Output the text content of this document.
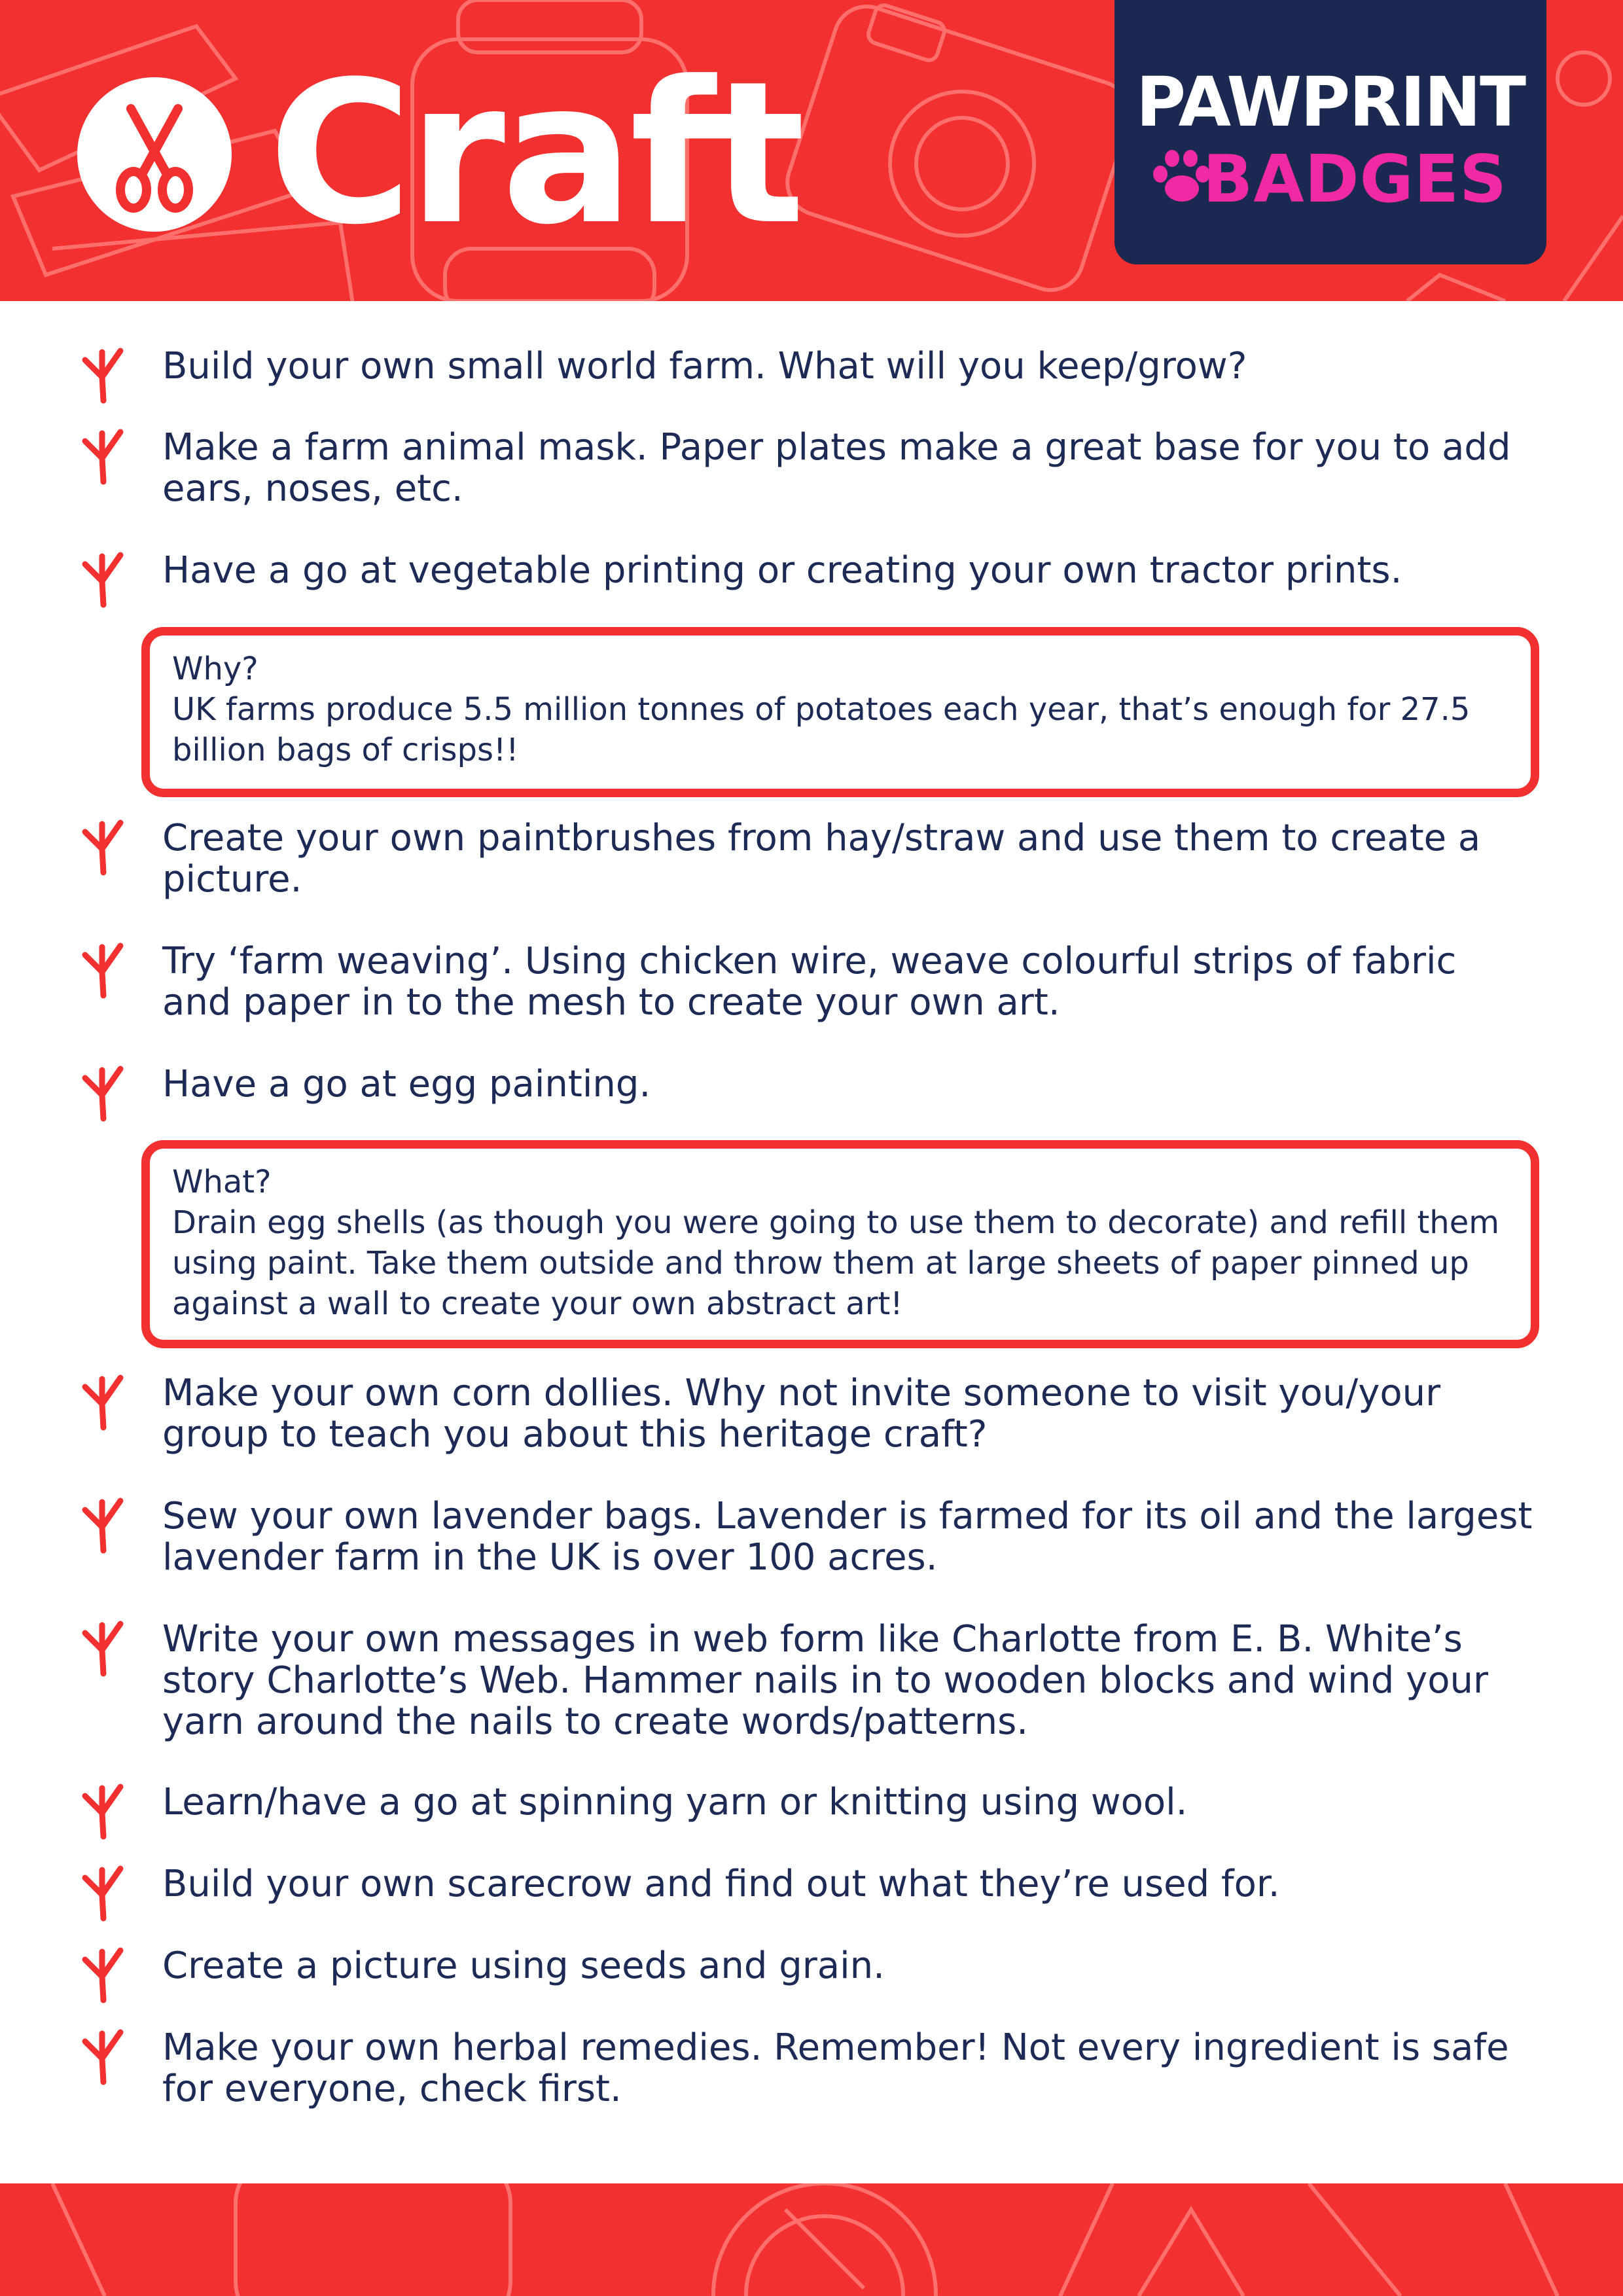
Craft	PAWPRINT
BADGES
Build your own small world farm. What will you keep/grow?
Make a farm animal mask. Paper plates make a great base for you to add ears, noses, etc.
Have a go at vegetable printing or creating your own tractor prints.
Why?
UK farms produce 5.5 million tonnes of potatoes each year, that’s enough for 27.5 billion bags of crisps!!
Create your own paintbrushes from hay/straw and use them to create a picture.
Try ‘farm weaving’. Using chicken wire, weave colourful strips of fabric and paper in to the mesh to create your own art.
Have a go at egg painting.
What?
Drain egg shells (as though you were going to use them to decorate) and refill them using paint. Take them outside and throw them at large sheets of paper pinned up against a wall to create your own abstract art!
Make your own corn dollies. Why not invite someone to visit you/your group to teach you about this heritage craft?
Sew your own lavender bags. Lavender is farmed for its oil and the largest lavender farm in the UK is over 100 acres.
Write your own messages in web form like Charlotte from E. B. White’s story Charlotte’s Web. Hammer nails in to wooden blocks and wind your yarn around the nails to create words/patterns.
Learn/have a go at spinning yarn or knitting using wool.
Build your own scarecrow and find out what they’re used for.
Create a picture using seeds and grain.
Make your own herbal remedies. Remember! Not every ingredient is safe for everyone, check first.
